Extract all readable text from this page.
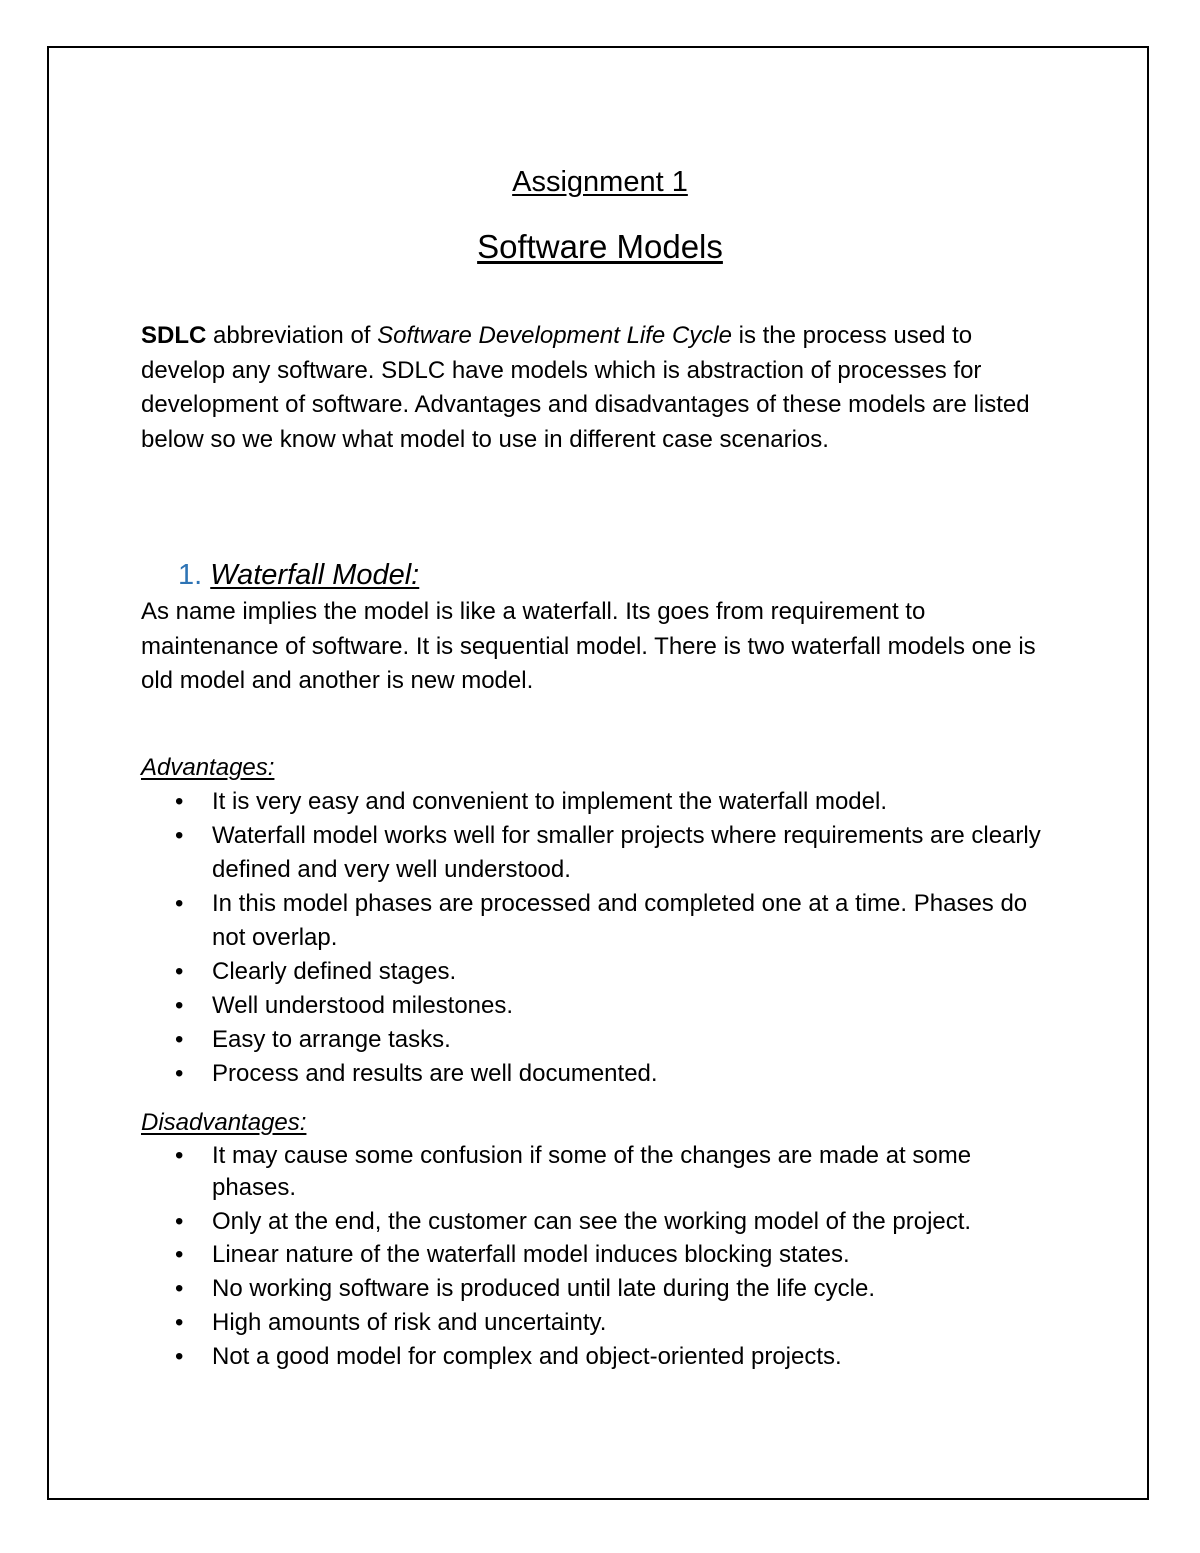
Assignment 1
Software Models

SDLC abbreviation of Software Development Life Cycle is the process used to develop any software. SDLC have models which is abstraction of processes for development of software. Advantages and disadvantages of these models are listed below so we know what model to use in different case scenarios.

1. Waterfall Model:

As name implies the model is like a waterfall. Its goes from requirement to maintenance of software. It is sequential model. There is two waterfall models one is old model and another is new model.

Advantages:
• It is very easy and convenient to implement the waterfall model.
• Waterfall model works well for smaller projects where requirements are clearly defined and very well understood.
• In this model phases are processed and completed one at a time. Phases do not overlap.
• Clearly defined stages.
• Well understood milestones.
• Easy to arrange tasks.
• Process and results are well documented.
Disadvantages:
• It may cause some confusion if some of the changes are made at some phases.
• Only at the end, the customer can see the working model of the project.
• Linear nature of the waterfall model induces blocking states.
• No working software is produced until late during the life cycle.
• High amounts of risk and uncertainty.
• Not a good model for complex and object-oriented projects.
